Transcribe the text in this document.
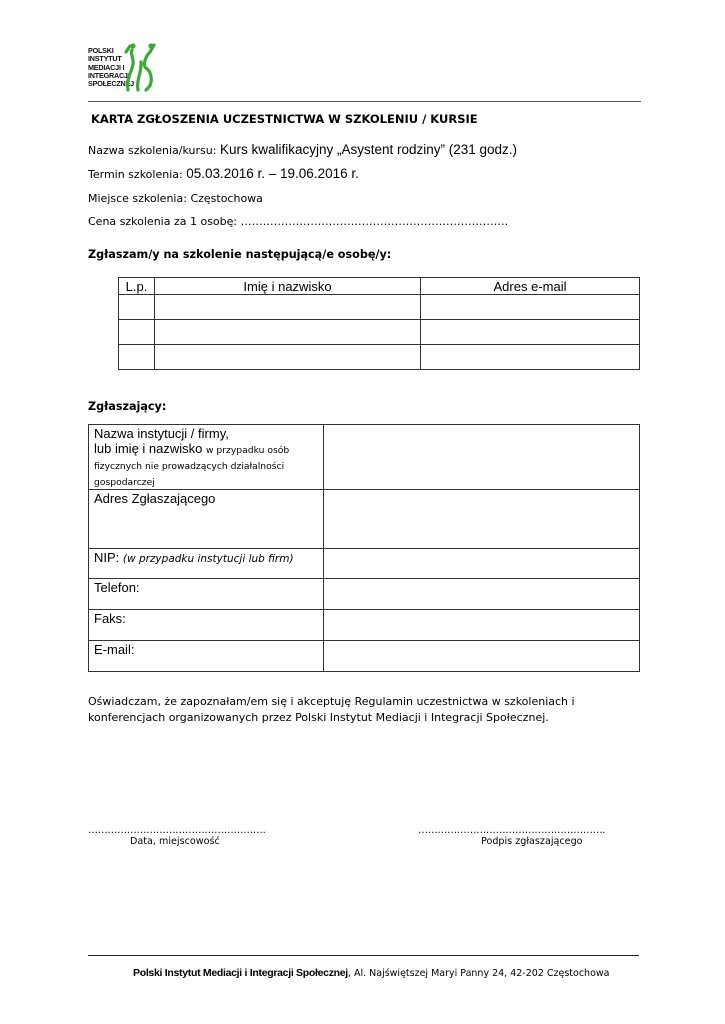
POLSKI
INSTYTUT
MEDIACJI I
INTEGRACJI
SPOŁECZNEJ
KARTA ZGŁOSZENIA UCZESTNICTWA W SZKOLENIU / KURSIE
Nazwa szkolenia/kursu: Kurs kwalifikacyjny „Asystent rodziny” (231 godz.)
Termin szkolenia: 05.03.2016 r. – 19.06.2016 r.
Miejsce szkolenia: Częstochowa
Cena szkolenia za 1 osobę: ……………………………………………………………….
Zgłaszam/y na szkolenie następującą/e osobę/y:
L.p.	Imię i nazwisko	Adres e-mail

Zgłaszający:
Nazwa instytucji / firmy,
lub imię i nazwisko w przypadku osób fizycznych nie prowadzących działalności gospodarczej	
Adres Zgłaszającego	
NIP: (w przypadku instytucji lub firm)	
Telefon:	
Faks:	
E-mail:	
Oświadczam, że zapoznałam/em się i akceptuję Regulamin uczestnictwa w szkoleniach i konferencjach organizowanych przez Polski Instytut Mediacji i Integracji Społecznej.
……………………………………………….
Data, miejscowość
………………………………………………….
Podpis zgłaszającego
Polski Instytut Mediacji i Integracji Społecznej, Al. Najświętszej Maryi Panny 24, 42-202 Częstochowa
